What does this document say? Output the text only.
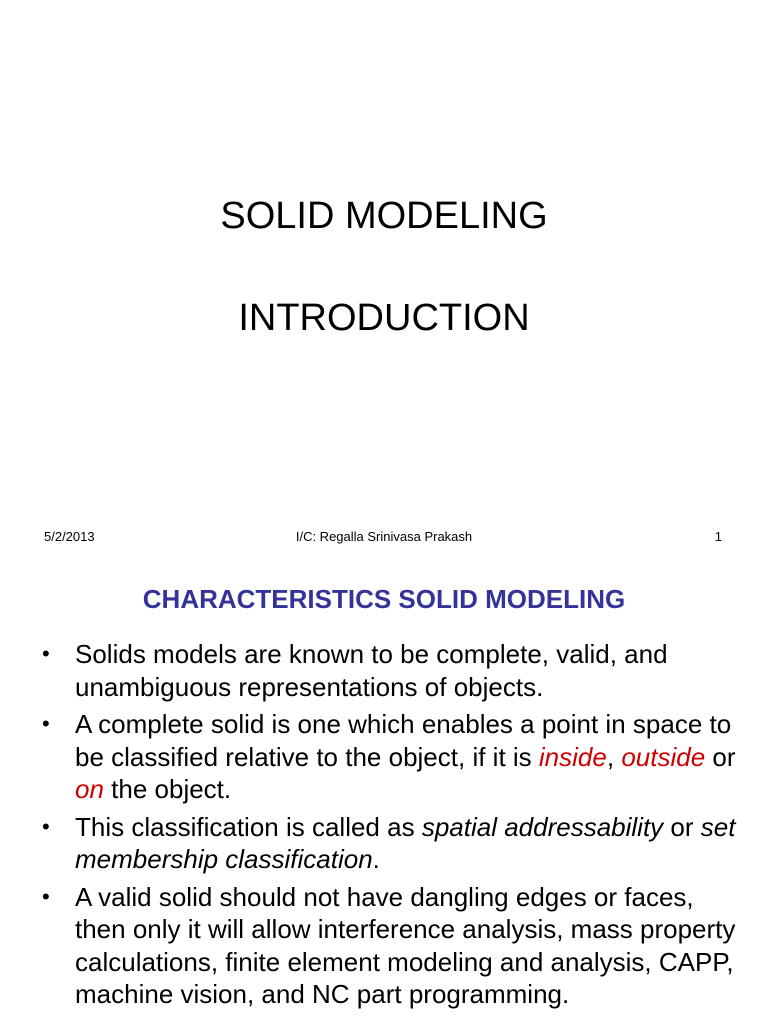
SOLID MODELING
INTRODUCTION
5/2/2013	I/C: Regalla Srinivasa Prakash	1
CHARACTERISTICS SOLID MODELING
• Solids models are known to be complete, valid, and unambiguous representations of objects.
• A complete solid is one which enables a point in space to be classified relative to the object, if it is inside, outside or on the object.
• This classification is called as spatial addressability or set membership classification.
• A valid solid should not have dangling edges or faces, then only it will allow interference analysis, mass property calculations, finite element modeling and analysis, CAPP, machine vision, and NC part programming.
